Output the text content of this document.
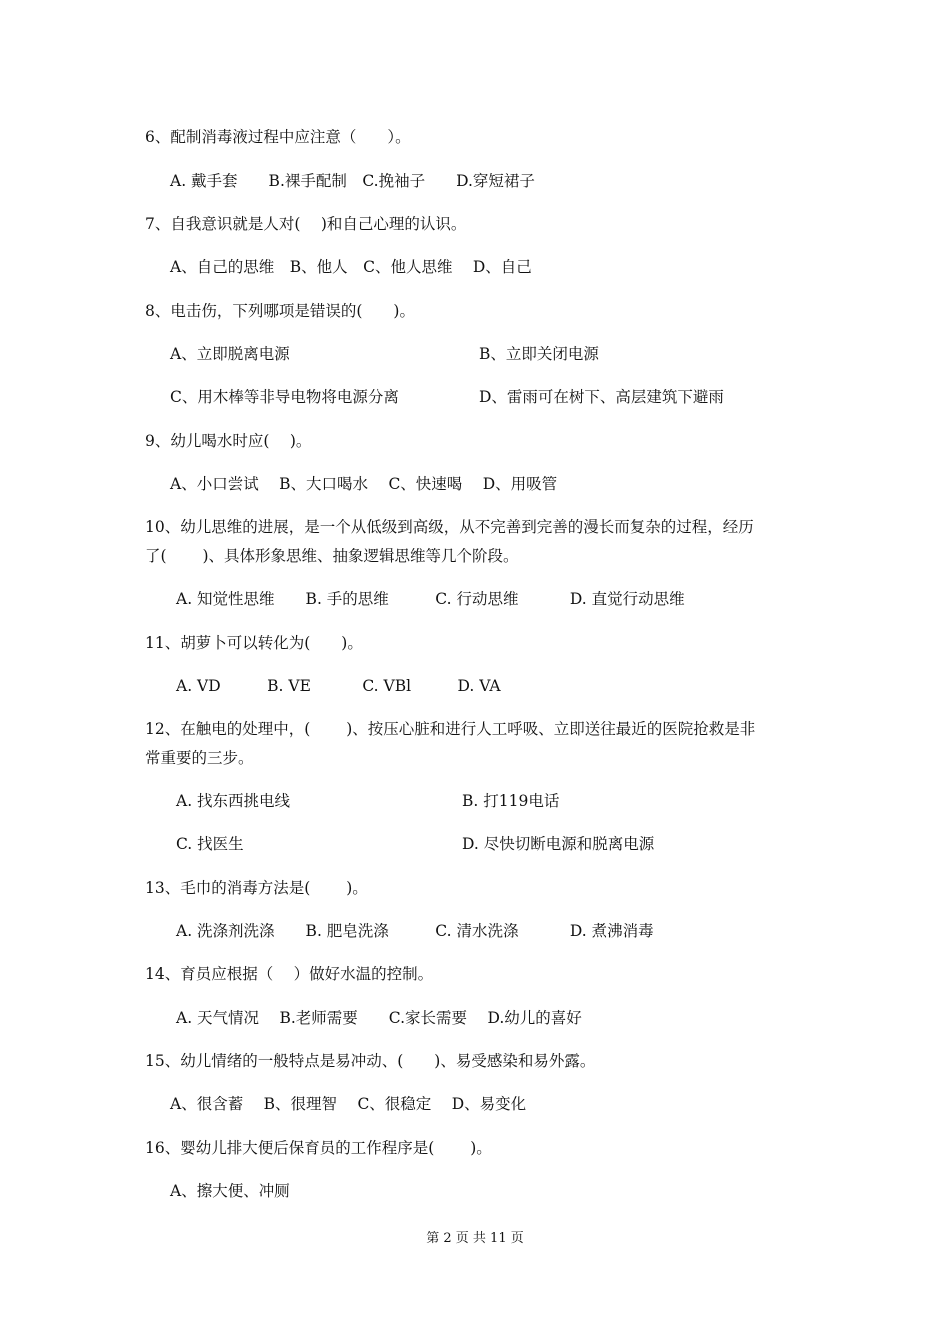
6、配制消毒液过程中应注意（　　）。
A. 戴手套　　B.裸手配制　C.挽袖子　　D.穿短裙子
7、自我意识就是人对(　 )和自己心理的认识。
A、自己的思维　B、他人　C、他人思维　 D、自己
8、电击伤，下列哪项是错误的(　　)。
A、立即脱离电源	B、立即关闭电源
C、用木棒等非导电物将电源分离	D、雷雨可在树下、高层建筑下避雨
9、幼儿喝水时应(　 )。
A、小口尝试　 B、大口喝水　 C、快速喝　 D、用吸管
10、幼儿思维的进展，是一个从低级到高级，从不完善到完善的漫长而复杂的过程，经历
了(　　 )、具体形象思维、抽象逻辑思维等几个阶段。
A. 知觉性思维　　B. 手的思维　　　C. 行动思维　　　 D. 直觉行动思维
11、胡萝卜可以转化为(　　)。
A. VD　　　B. VE　　　 C. VBl　　　D. VA
12、在触电的处理中，(　　 )、按压心脏和进行人工呼吸、立即送往最近的医院抢救是非
常重要的三步。
A. 找东西挑电线	B. 打119电话
C. 找医生	D. 尽快切断电源和脱离电源
13、毛巾的消毒方法是(　　 )。
A. 洗涤剂洗涤　　B. 肥皂洗涤　　　C. 清水洗涤　　　 D. 煮沸消毒
14、育员应根据（　 ）做好水温的控制。
A. 天气情况　 B.老师需要　　C.家长需要　 D.幼儿的喜好
15、幼儿情绪的一般特点是易冲动、(　　)、易受感染和易外露。
A、很含蓄　 B、很理智　 C、很稳定　 D、易变化
16、婴幼儿排大便后保育员的工作程序是(　　 )。
A、擦大便、冲厕
第 2 页 共 11 页
